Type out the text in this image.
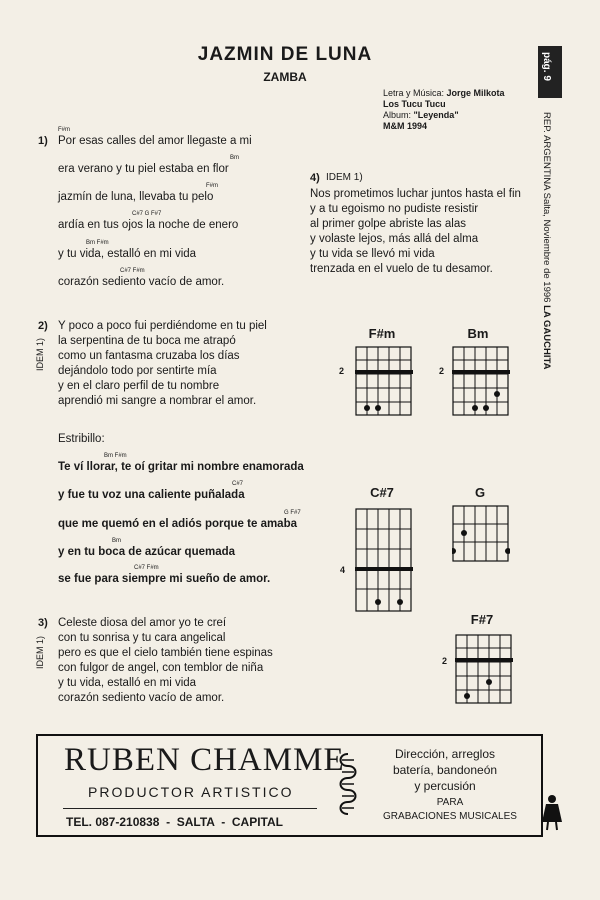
JAZMIN DE LUNA
ZAMBA
Letra y Música: Jorge Milkota
Los Tucu Tucu
Album: "Leyenda"
M&M 1994
pág. 9
REP. ARGENTINA Salta, Noviembre de 1996 LA GAUCHITA
1)
F#m
Por esas calles del amor llegaste a mi
Bm
era verano y tu piel estaba en flor
F#m
jazmín de luna, llevaba tu pelo
C#7 G F#7
ardía en tus ojos la noche de enero
Bm F#m
y tu vida, estalló en mi vida
C#7 F#m
corazón sediento vacío de amor.
IDEM 1)
2) Y poco a poco fui perdiéndome en tu piel
la serpentina de tu boca me atrapó
como un fantasma cruzaba los días
dejándolo todo por sentirte mía
y en el claro perfil de tu nombre
aprendió mi sangre a nombrar el amor.
Estribillo:
Bm F#m
Te ví llorar, te oí gritar mi nombre enamorada
C#7
y fue tu voz una caliente puñalada
G F#7
que me quemó en el adiós porque te amaba
Bm
y en tu boca de azúcar quemada
C#7 F#m
se fue para siempre mi sueño de amor.
IDEM 1)
3) Celeste diosa del amor yo te creí
con tu sonrisa y tu cara angelical
pero es que el cielo también tiene espinas
con fulgor de angel, con temblor de niña
y tu vida, estalló en mi vida
corazón sediento vacío de amor.
4) IDEM 1)
Nos prometimos luchar juntos hasta el fin
y a tu egoismo no pudiste resistir
al primer golpe abriste las alas
y volaste lejos, más allá del alma
y tu vida se llevó mi vida
trenzada en el vuelo de tu desamor.
F#m
2
Bm
2
C#7
4
G
F#7
2
RUBEN CHAMME
PRODUCTOR ARTISTICO
TEL. 087-210838  -  SALTA  -  CAPITAL
Dirección, arreglos
batería, bandoneón
y percusión
PARA
GRABACIONES MUSICALES
